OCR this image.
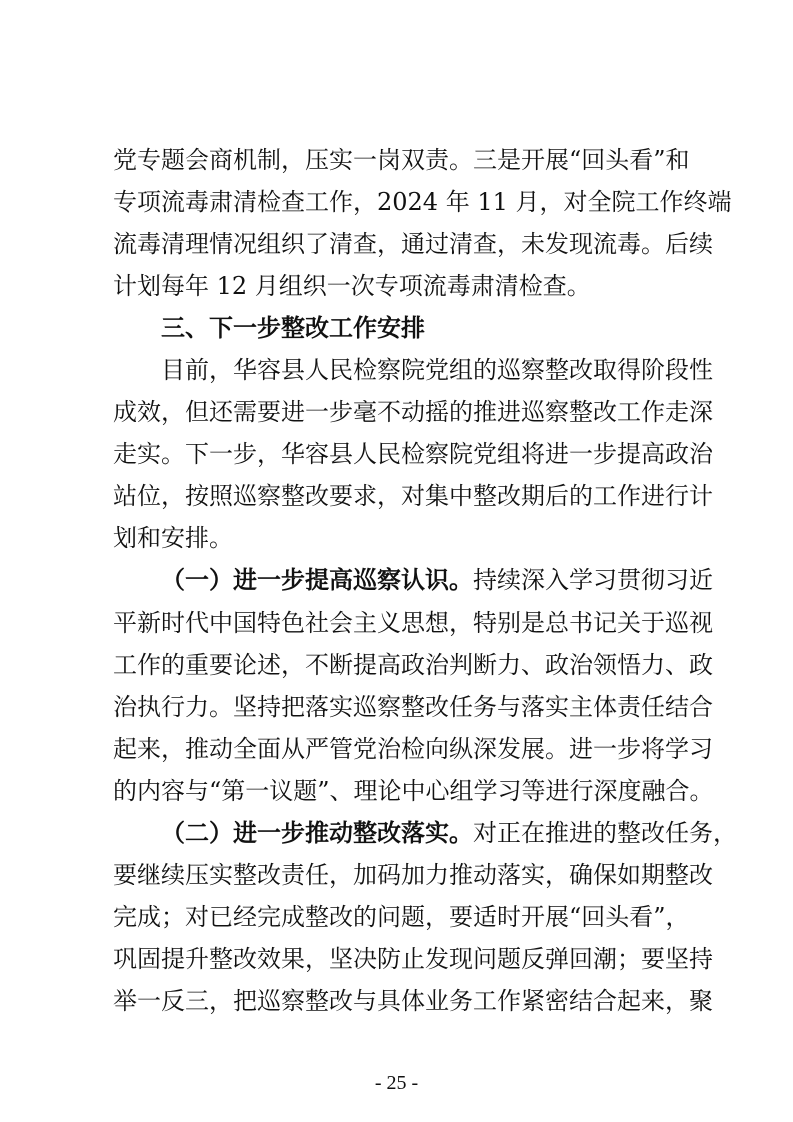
党专题会商机制，压实一岗双责。三是开展“回头看”和
专项流毒肃清检查工作，2024 年 11 月，对全院工作终端
流毒清理情况组织了清查，通过清查，未发现流毒。后续
计划每年 12 月组织一次专项流毒肃清检查。
三、下一步整改工作安排
目前，华容县人民检察院党组的巡察整改取得阶段性
成效，但还需要进一步毫不动摇的推进巡察整改工作走深
走实。下一步，华容县人民检察院党组将进一步提高政治
站位，按照巡察整改要求，对集中整改期后的工作进行计
划和安排。
（一）进一步提高巡察认识。持续深入学习贯彻习近
平新时代中国特色社会主义思想，特别是总书记关于巡视
工作的重要论述，不断提高政治判断力、政治领悟力、政
治执行力。坚持把落实巡察整改任务与落实主体责任结合
起来，推动全面从严管党治检向纵深发展。进一步将学习
的内容与“第一议题”、理论中心组学习等进行深度融合。
（二）进一步推动整改落实。对正在推进的整改任务，
要继续压实整改责任，加码加力推动落实，确保如期整改
完成；对已经完成整改的问题，要适时开展“回头看”，
巩固提升整改效果，坚决防止发现问题反弹回潮；要坚持
举一反三，把巡察整改与具体业务工作紧密结合起来，聚
- 25 -
